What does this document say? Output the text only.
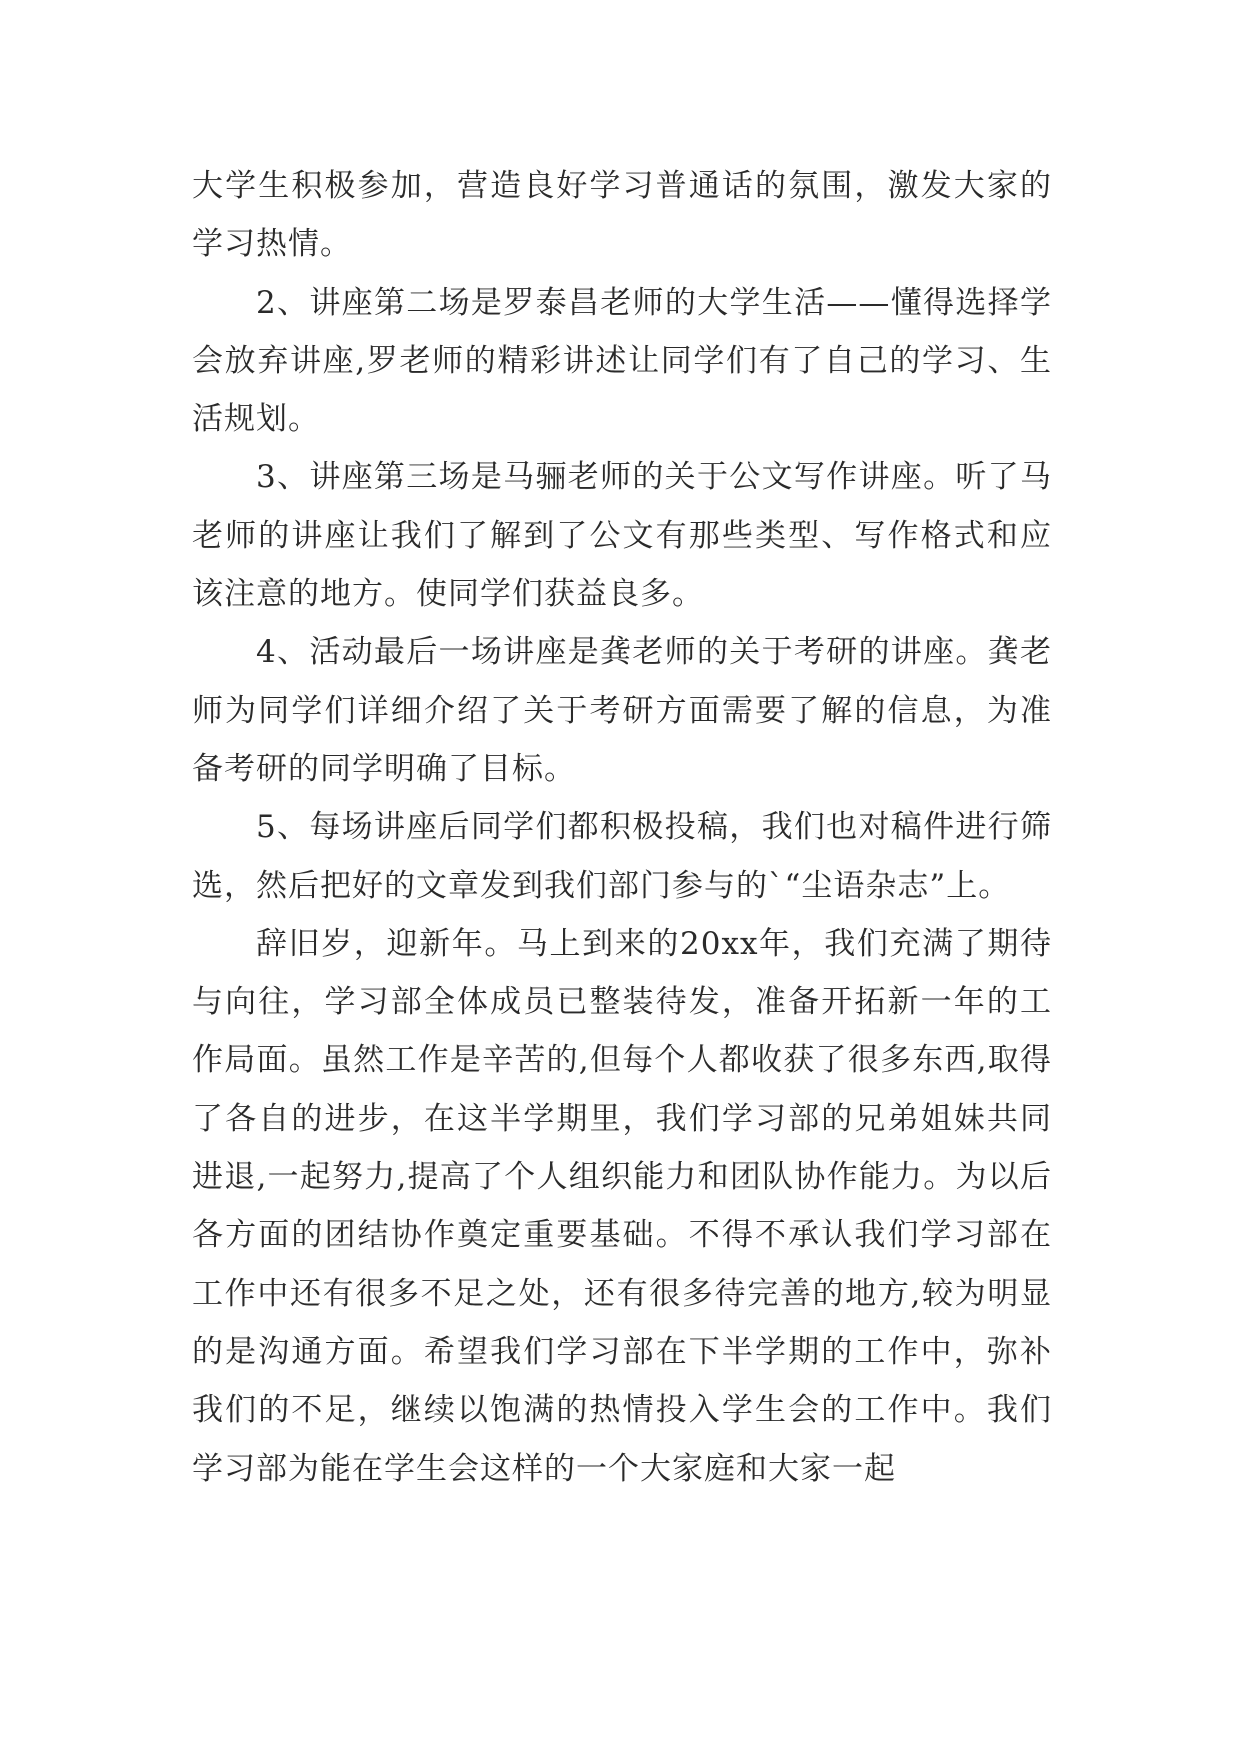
大学生积极参加，营造良好学习普通话的氛围，激发大家的学习热情。

2、讲座第二场是罗泰昌老师的大学生活——懂得选择学会放弃讲座,罗老师的精彩讲述让同学们有了自己的学习、生活规划。

3、讲座第三场是马骊老师的关于公文写作讲座。听了马老师的讲座让我们了解到了公文有那些类型、写作格式和应该注意的地方。使同学们获益良多。

4、活动最后一场讲座是龚老师的关于考研的讲座。龚老师为同学们详细介绍了关于考研方面需要了解的信息，为准备考研的同学明确了目标。

5、每场讲座后同学们都积极投稿，我们也对稿件进行筛选，然后把好的文章发到我们部门参与的`“尘语杂志”上。

辞旧岁，迎新年。马上到来的20xx年，我们充满了期待与向往，学习部全体成员已整装待发，准备开拓新一年的工作局面。虽然工作是辛苦的,但每个人都收获了很多东西,取得了各自的进步，在这半学期里，我们学习部的兄弟姐妹共同进退,一起努力,提高了个人组织能力和团队协作能力。为以后各方面的团结协作奠定重要基础。不得不承认我们学习部在工作中还有很多不足之处，还有很多待完善的地方,较为明显的是沟通方面。希望我们学习部在下半学期的工作中，弥补我们的不足，继续以饱满的热情投入学生会的工作中。我们学习部为能在学生会这样的一个大家庭和大家一起
